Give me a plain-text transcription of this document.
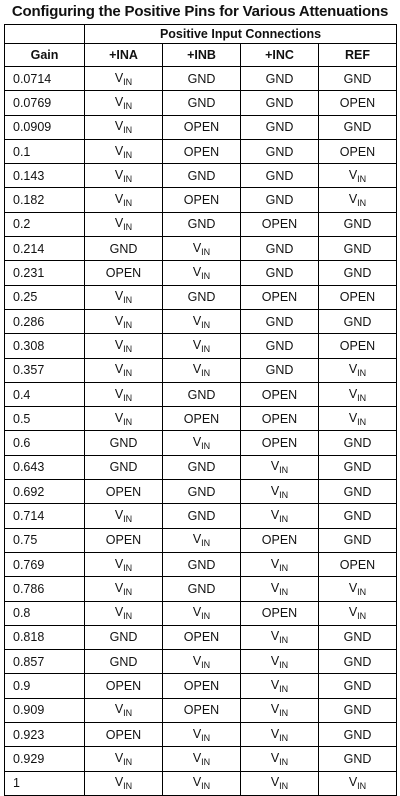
Configuring the Positive Pins for Various Attenuations
	Positive Input Connections			
Gain	+INA	+INB	+INC	REF
0.0714	$V_{IN}$	GND	GND	GND
0.0769	$V_{IN}$	GND	GND	OPEN
0.0909	$V_{IN}$	OPEN	GND	GND
0.1	$V_{IN}$	OPEN	GND	OPEN
0.143	$V_{IN}$	GND	GND	$V_{IN}$
0.182	$V_{IN}$	OPEN	GND	$V_{IN}$
0.2	$V_{IN}$	GND	OPEN	GND
0.214	GND	$V_{IN}$	GND	GND
0.231	OPEN	$V_{IN}$	GND	GND
0.25	$V_{IN}$	GND	OPEN	OPEN
0.286	$V_{IN}$	$V_{IN}$	GND	GND
0.308	$V_{IN}$	$V_{IN}$	GND	OPEN
0.357	$V_{IN}$	$V_{IN}$	GND	$V_{IN}$
0.4	$V_{IN}$	GND	OPEN	$V_{IN}$
0.5	$V_{IN}$	OPEN	OPEN	$V_{IN}$
0.6	GND	$V_{IN}$	OPEN	GND
0.643	GND	GND	$V_{IN}$	GND
0.692	OPEN	GND	$V_{IN}$	GND
0.714	$V_{IN}$	GND	$V_{IN}$	GND
0.75	OPEN	$V_{IN}$	OPEN	GND
0.769	$V_{IN}$	GND	$V_{IN}$	OPEN
0.786	$V_{IN}$	GND	$V_{IN}$	$V_{IN}$
0.8	$V_{IN}$	$V_{IN}$	OPEN	$V_{IN}$
0.818	GND	OPEN	$V_{IN}$	GND
0.857	GND	$V_{IN}$	$V_{IN}$	GND
0.9	OPEN	OPEN	$V_{IN}$	GND
0.909	$V_{IN}$	OPEN	$V_{IN}$	GND
0.923	OPEN	$V_{IN}$	$V_{IN}$	GND
0.929	$V_{IN}$	$V_{IN}$	$V_{IN}$	GND
1	$V_{IN}$	$V_{IN}$	$V_{IN}$	$V_{IN}$
